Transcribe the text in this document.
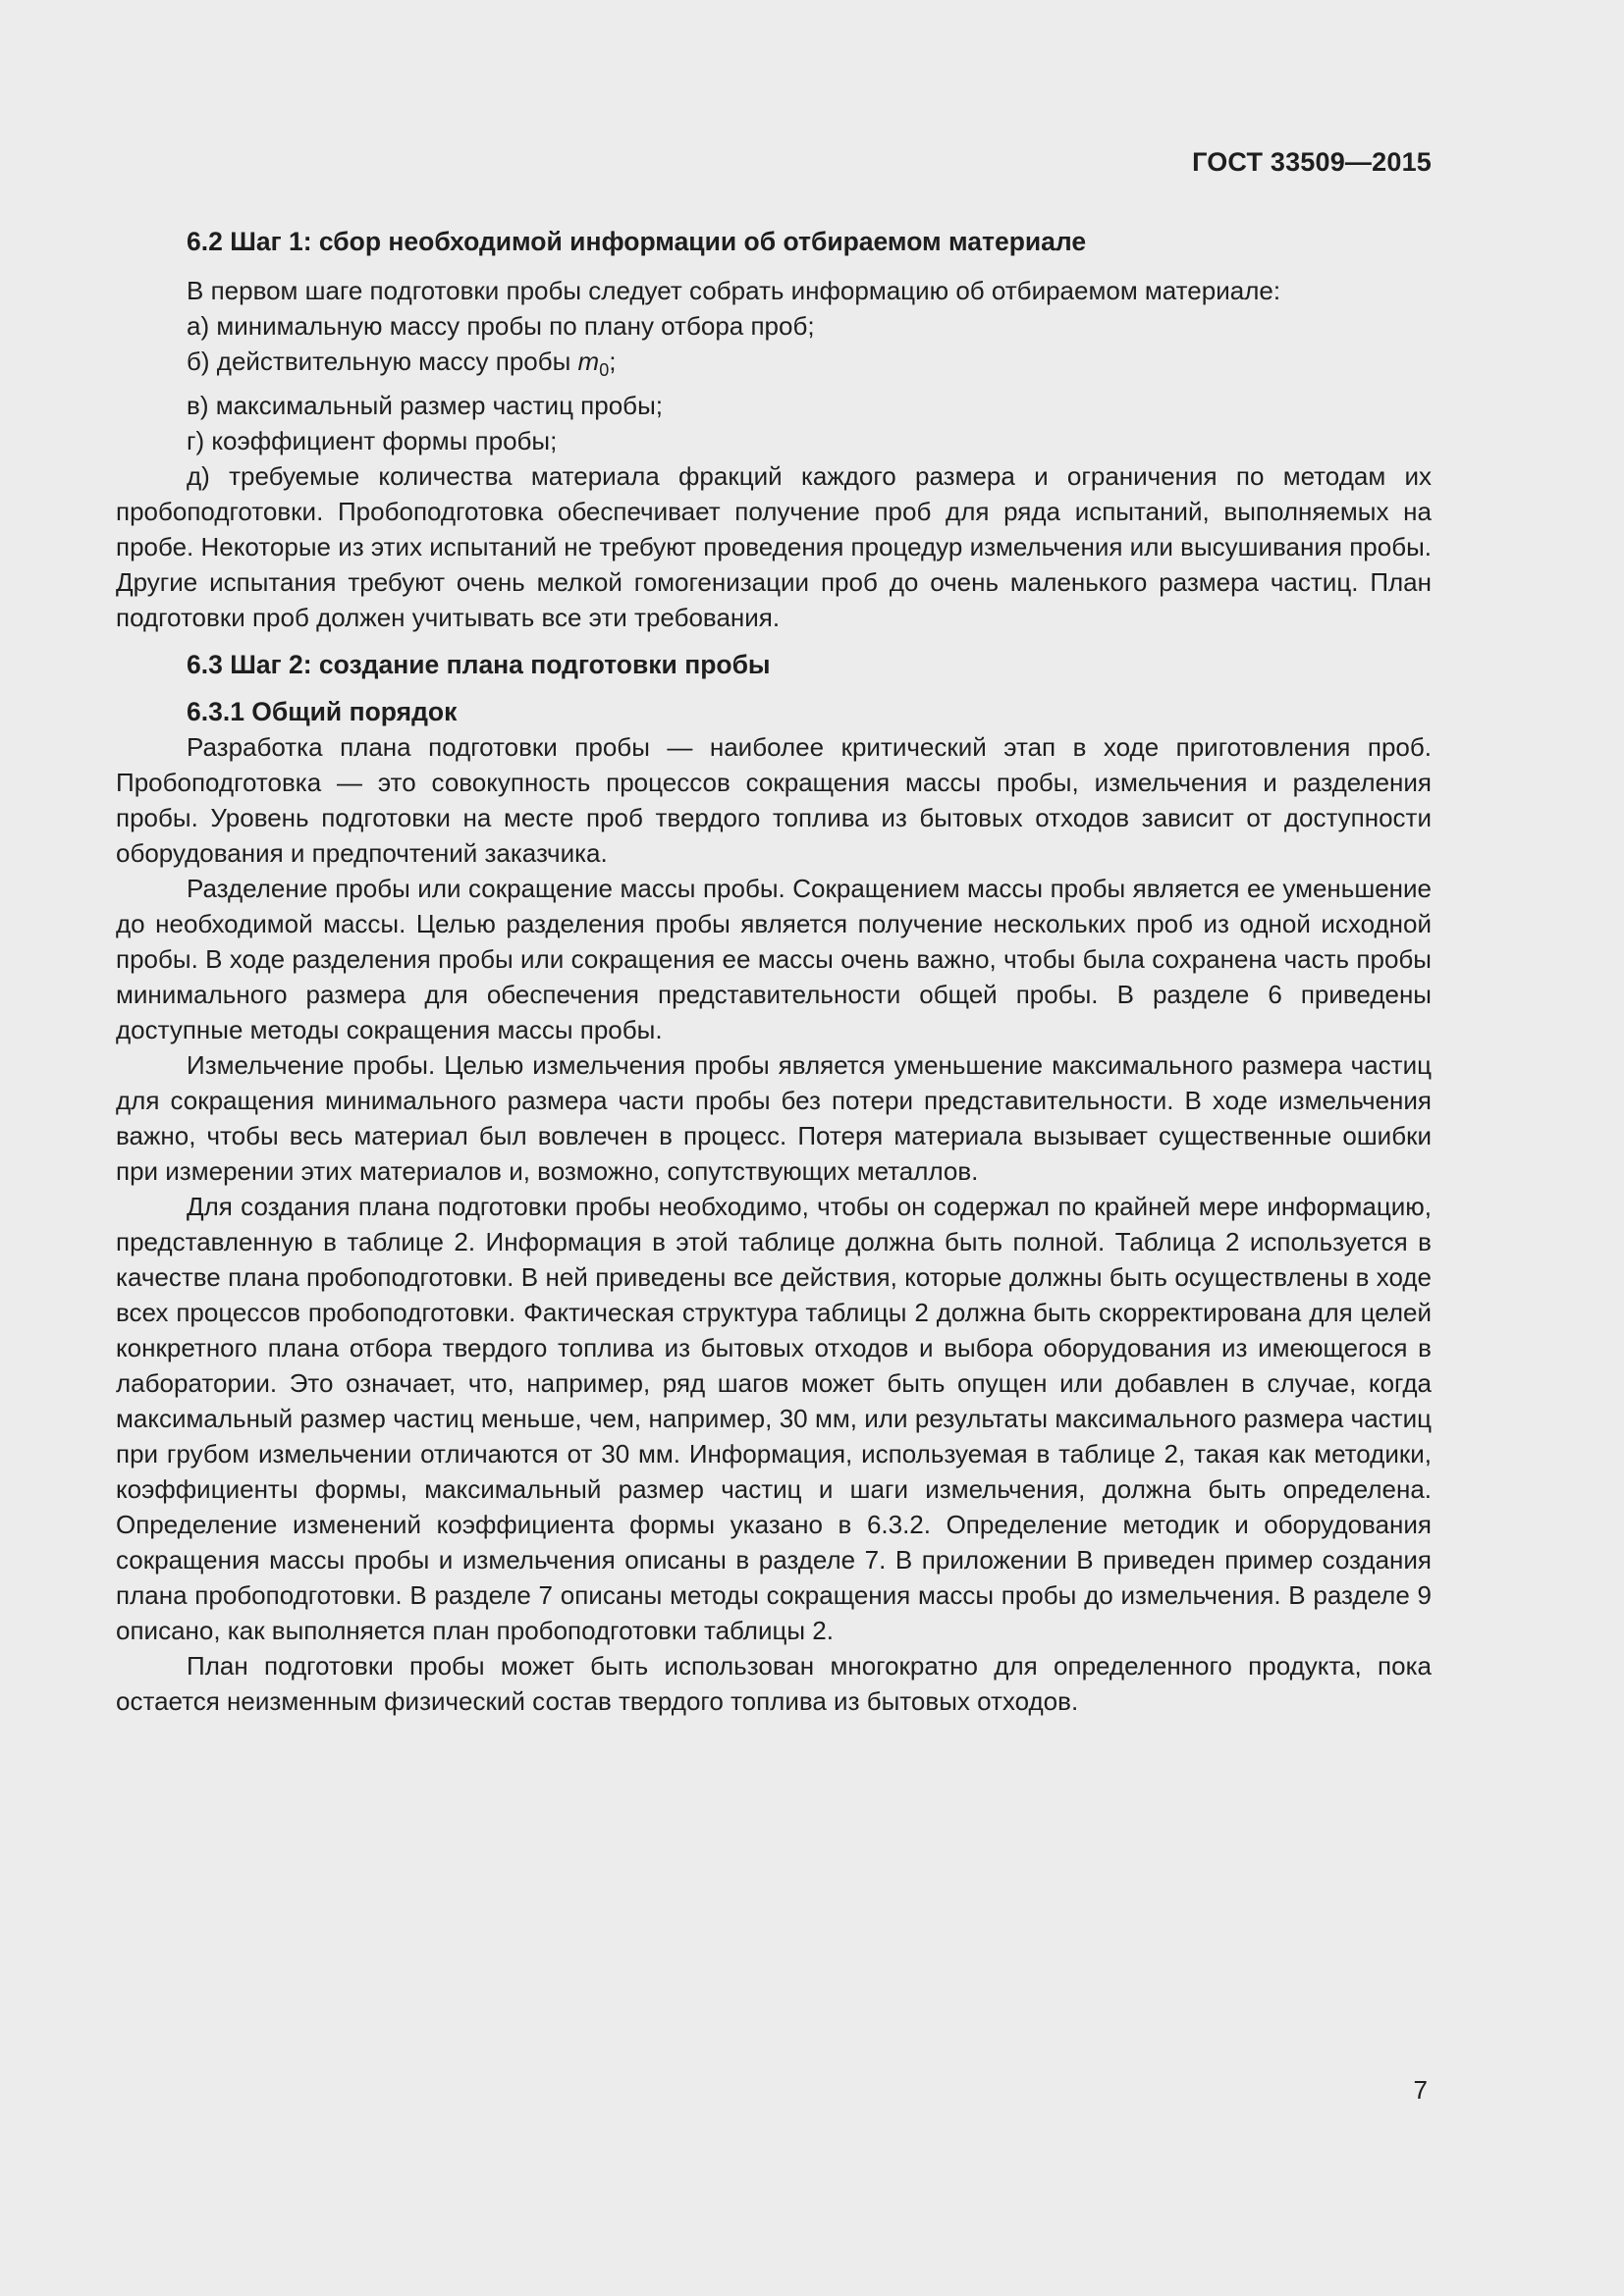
ГОСТ 33509—2015
6.2 Шаг 1: сбор необходимой информации об отбираемом материале

В первом шаге подготовки пробы следует собрать информацию об отбираемом материале:

а) минимальную массу пробы по плану отбора проб;

б) действительную массу пробы $m_0$;

в) максимальный размер частиц пробы;

г) коэффициент формы пробы;

д) требуемые количества материала фракций каждого размера и ограничения по методам их пробоподготовки. Пробоподготовка обеспечивает получение проб для ряда испытаний, выполняемых на пробе. Некоторые из этих испытаний не требуют проведения процедур измельчения или высушивания пробы. Другие испытания требуют очень мелкой гомогенизации проб до очень маленького размера частиц. План подготовки проб должен учитывать все эти требования.

6.3 Шаг 2: создание плана подготовки пробы
6.3.1 Общий порядок

Разработка плана подготовки пробы — наиболее критический этап в ходе приготовления проб. Пробоподготовка — это совокупность процессов сокращения массы пробы, измельчения и разделения пробы. Уровень подготовки на месте проб твердого топлива из бытовых отходов зависит от доступности оборудования и предпочтений заказчика.

Разделение пробы или сокращение массы пробы. Сокращением массы пробы является ее уменьшение до необходимой массы. Целью разделения пробы является получение нескольких проб из одной исходной пробы. В ходе разделения пробы или сокращения ее массы очень важно, чтобы была сохранена часть пробы минимального размера для обеспечения представительности общей пробы. В разделе 6 приведены доступные методы сокращения массы пробы.

Измельчение пробы. Целью измельчения пробы является уменьшение максимального размера частиц для сокращения минимального размера части пробы без потери представительности. В ходе измельчения важно, чтобы весь материал был вовлечен в процесс. Потеря материала вызывает существенные ошибки при измерении этих материалов и, возможно, сопутствующих металлов.

Для создания плана подготовки пробы необходимо, чтобы он содержал по крайней мере информацию, представленную в таблице 2. Информация в этой таблице должна быть полной. Таблица 2 используется в качестве плана пробоподготовки. В ней приведены все действия, которые должны быть осуществлены в ходе всех процессов пробоподготовки. Фактическая структура таблицы 2 должна быть скорректирована для целей конкретного плана отбора твердого топлива из бытовых отходов и выбора оборудования из имеющегося в лаборатории. Это означает, что, например, ряд шагов может быть опущен или добавлен в случае, когда максимальный размер частиц меньше, чем, например, 30 мм, или результаты максимального размера частиц при грубом измельчении отличаются от 30 мм. Информация, используемая в таблице 2, такая как методики, коэффициенты формы, максимальный размер частиц и шаги измельчения, должна быть определена. Определение изменений коэффициента формы указано в 6.3.2. Определение методик и оборудования сокращения массы пробы и измельчения описаны в разделе 7. В приложении В приведен пример создания плана пробоподготовки. В разделе 7 описаны методы сокращения массы пробы до измельчения. В разделе 9 описано, как выполняется план пробоподготовки таблицы 2.

План подготовки пробы может быть использован многократно для определенного продукта, пока остается неизменным физический состав твердого топлива из бытовых отходов.

7
